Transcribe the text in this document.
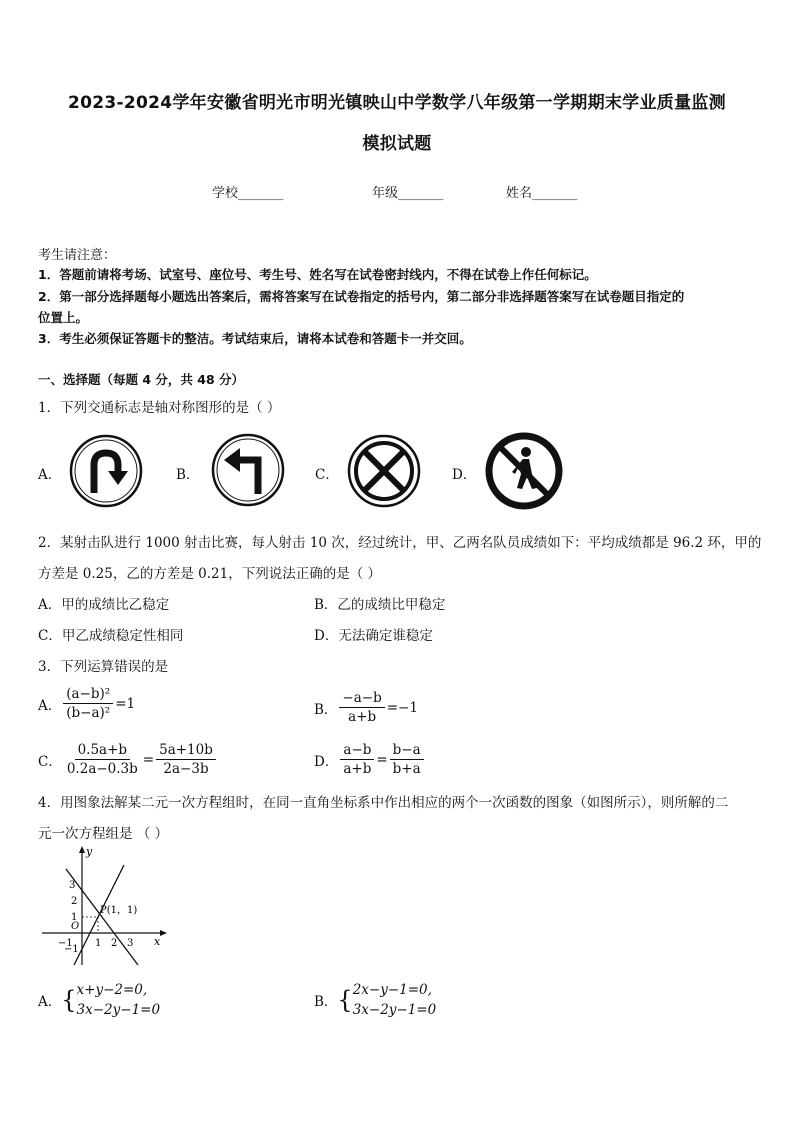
2023-2024学年安徽省明光市明光镇映山中学数学八年级第一学期期末学业质量监测
模拟试题
学校_______	年级_______	姓名_______
考生请注意：
1．答题前请将考场、试室号、座位号、考生号、姓名写在试卷密封线内，不得在试卷上作任何标记。
2．第一部分选择题每小题选出答案后，需将答案写在试卷指定的括号内，第二部分非选择题答案写在试卷题目指定的
位置上。
3．考生必须保证答题卡的整洁。考试结束后，请将本试卷和答题卡一并交回。
一、选择题（每题 4 分，共 48 分）
1．下列交通标志是轴对称图形的是（ ）
A．	B．	C．	D．
2．某射击队进行 1000 射击比赛，每人射击 10 次，经过统计，甲、乙两名队员成绩如下：平均成绩都是 96.2 环，甲的
方差是 0.25，乙的方差是 0.21，下列说法正确的是（ ）
A．甲的成绩比乙稳定	B．乙的成绩比甲稳定
C．甲乙成绩稳定性相同	D．无法确定谁稳定
3．下列运算错误的是
A． $\frac{\text{(a−b)²}}{\text{(b−a)²}} =1$	B． $\frac{-a-b}{a+b} =-1$
C． $\frac{0.5a+b}{0.2a-0.3b} = \frac{5a+10b}{2a-3b}$	D． $\frac{a-b}{a+b} = \frac{b-a}{b+a}$
4．用图象法解某二元一次方程组时，在同一直角坐标系中作出相应的两个一次函数的图象（如图所示），则所解的二
元一次方程组是 （ ）
y
x
O
P(1，1)
−1 1 2 3
3
2
1
−1
A． { x+y−2=0,
3x−2y−1=0	B． { 2x−y−1=0,
3x−2y−1=0
